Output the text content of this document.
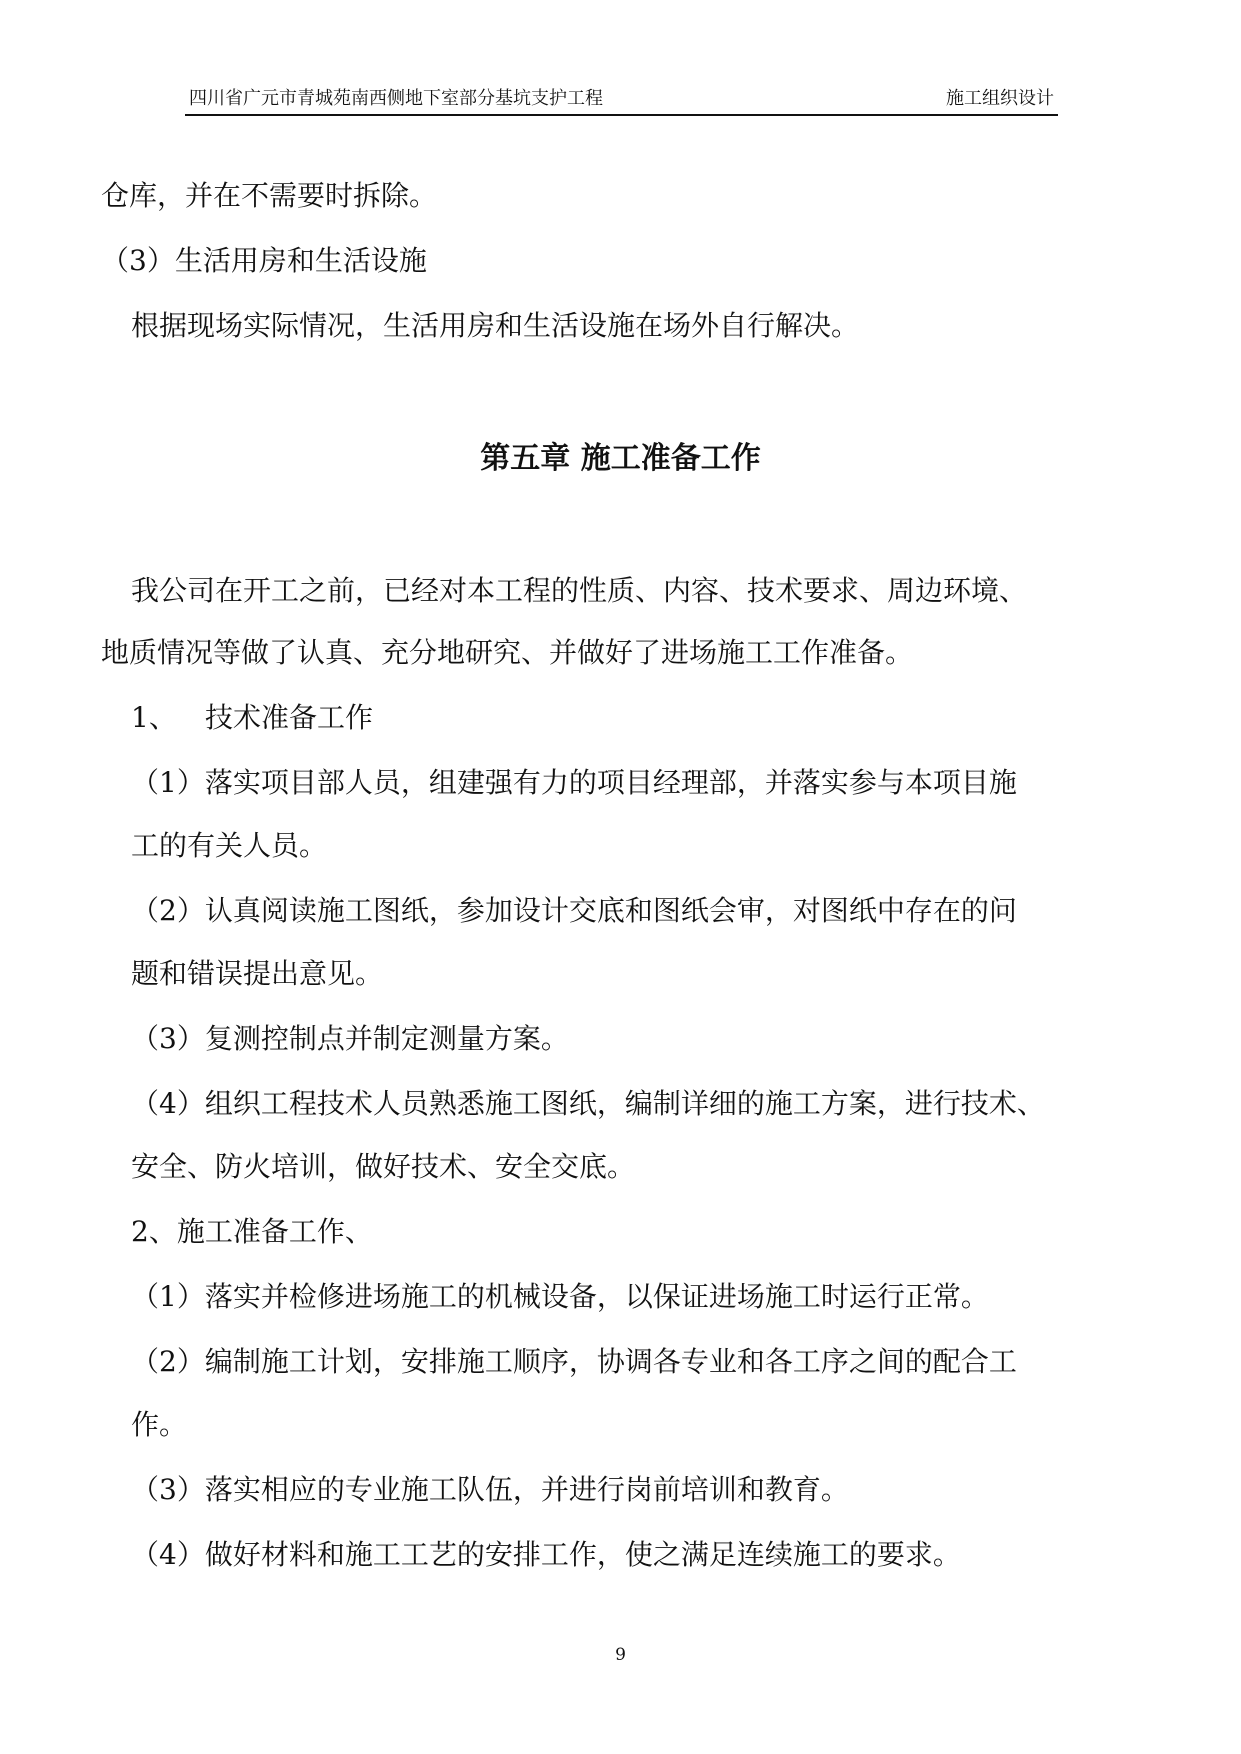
四川省广元市青城苑南西侧地下室部分基坑支护工程	施工组织设计
仓库，并在不需要时拆除。
（3）生活用房和生活设施
根据现场实际情况，生活用房和生活设施在场外自行解决。
第五章 施工准备工作
我公司在开工之前，已经对本工程的性质、内容、技术要求、周边环境、
地质情况等做了认真、充分地研究、并做好了进场施工工作准备。
1、 技术准备工作
（1）落实项目部人员，组建强有力的项目经理部，并落实参与本项目施
工的有关人员。
（2）认真阅读施工图纸，参加设计交底和图纸会审，对图纸中存在的问
题和错误提出意见。
（3）复测控制点并制定测量方案。
（4）组织工程技术人员熟悉施工图纸，编制详细的施工方案，进行技术、
安全、防火培训，做好技术、安全交底。
2、施工准备工作、
（1）落实并检修进场施工的机械设备，以保证进场施工时运行正常。
（2）编制施工计划，安排施工顺序，协调各专业和各工序之间的配合工
作。
（3）落实相应的专业施工队伍，并进行岗前培训和教育。
（4）做好材料和施工工艺的安排工作，使之满足连续施工的要求。
9
